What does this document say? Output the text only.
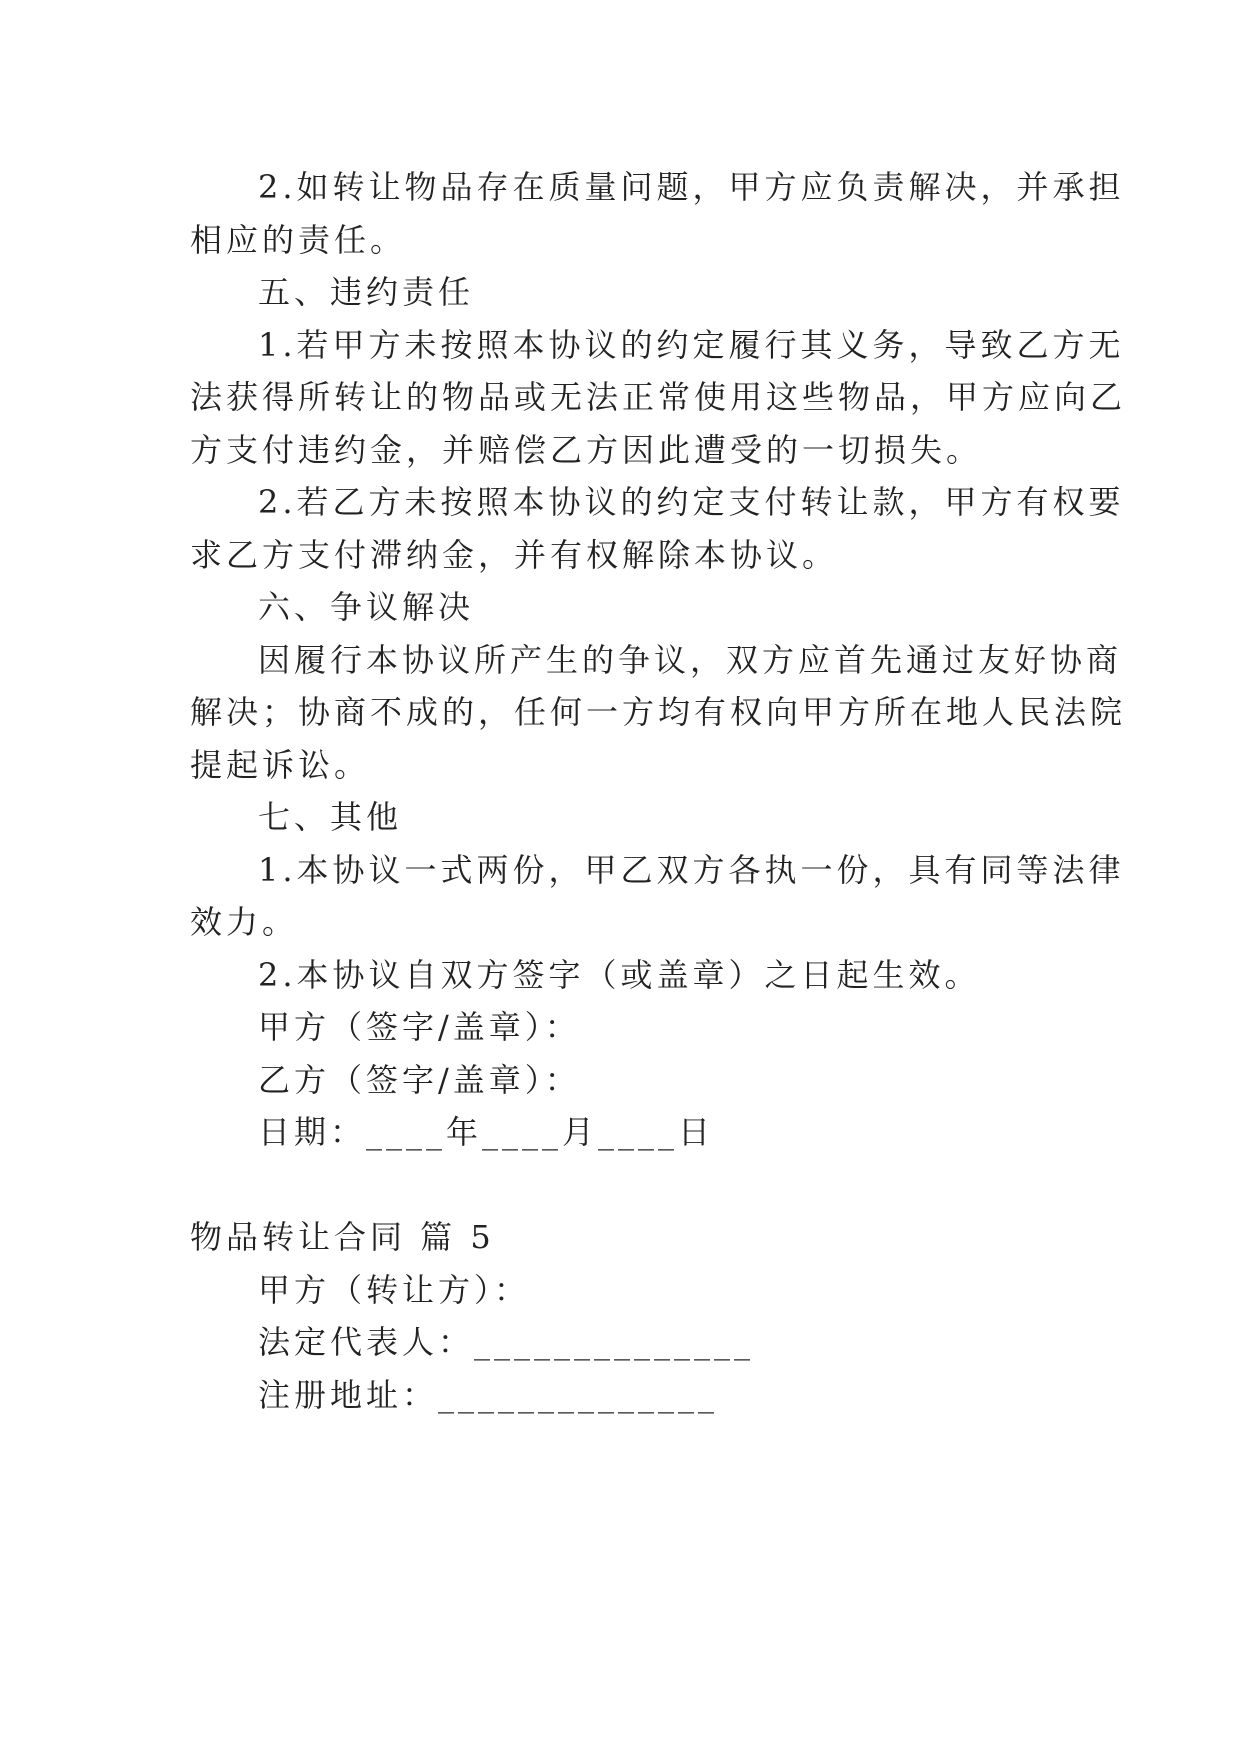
2.如转让物品存在质量问题，甲方应负责解决，并承担
相应的责任。
五、违约责任
1.若甲方未按照本协议的约定履行其义务，导致乙方无
法获得所转让的物品或无法正常使用这些物品，甲方应向乙
方支付违约金，并赔偿乙方因此遭受的一切损失。
2.若乙方未按照本协议的约定支付转让款，甲方有权要
求乙方支付滞纳金，并有权解除本协议。
六、争议解决
因履行本协议所产生的争议，双方应首先通过友好协商
解决；协商不成的，任何一方均有权向甲方所在地人民法院
提起诉讼。
七、其他
1.本协议一式两份，甲乙双方各执一份，具有同等法律
效力。
2.本协议自双方签字（或盖章）之日起生效。
甲方（签字/盖章）：
乙方（签字/盖章）：
日期：____年____月____日
物品转让合同 篇 5
甲方（转让方）：
法定代表人：______________
注册地址：______________
